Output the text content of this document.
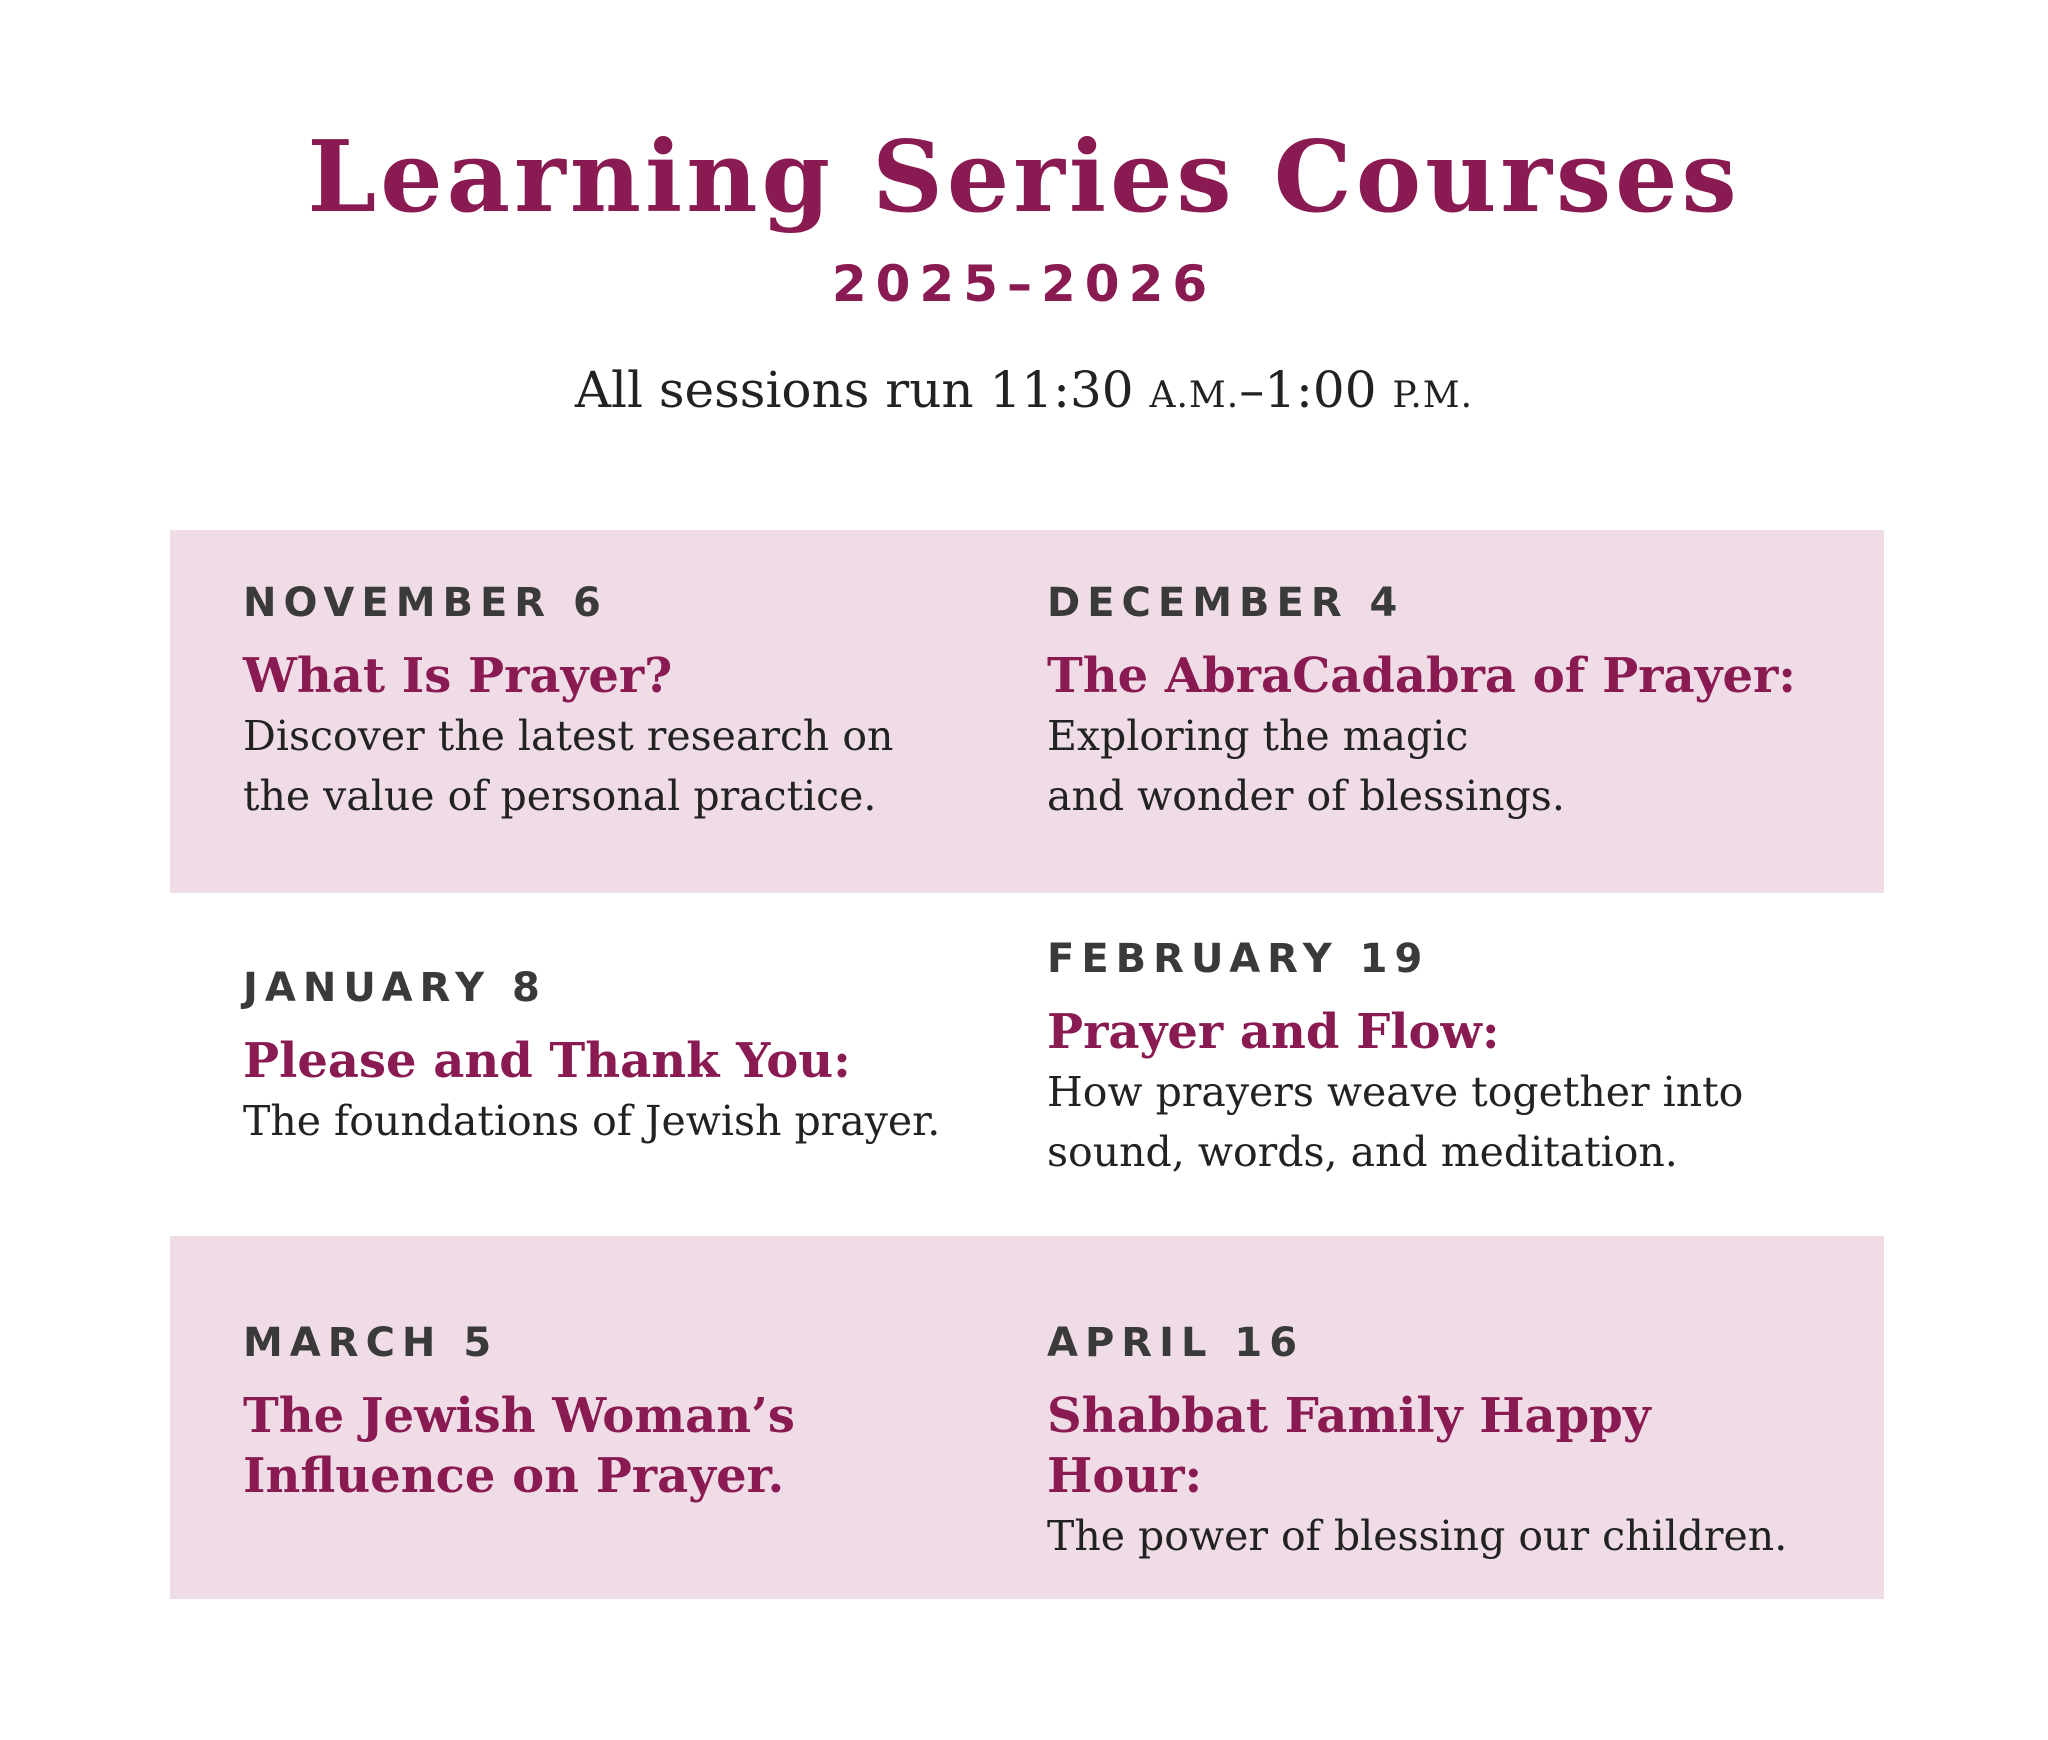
Learning Series Courses
2025–2026
All sessions run 11:30 A.M.–1:00 P.M.
NOVEMBER 6
What Is Prayer?
Discover the latest research on
the value of personal practice.
DECEMBER 4
The AbraCadabra of Prayer:
Exploring the magic
and wonder of blessings.
JANUARY 8
Please and Thank You:
The foundations of Jewish prayer.
FEBRUARY 19
Prayer and Flow:
How prayers weave together into
sound, words, and meditation.
MARCH 5
The Jewish Woman’s
Influence on Prayer.
APRIL 16
Shabbat Family Happy Hour:
The power of blessing our children.
